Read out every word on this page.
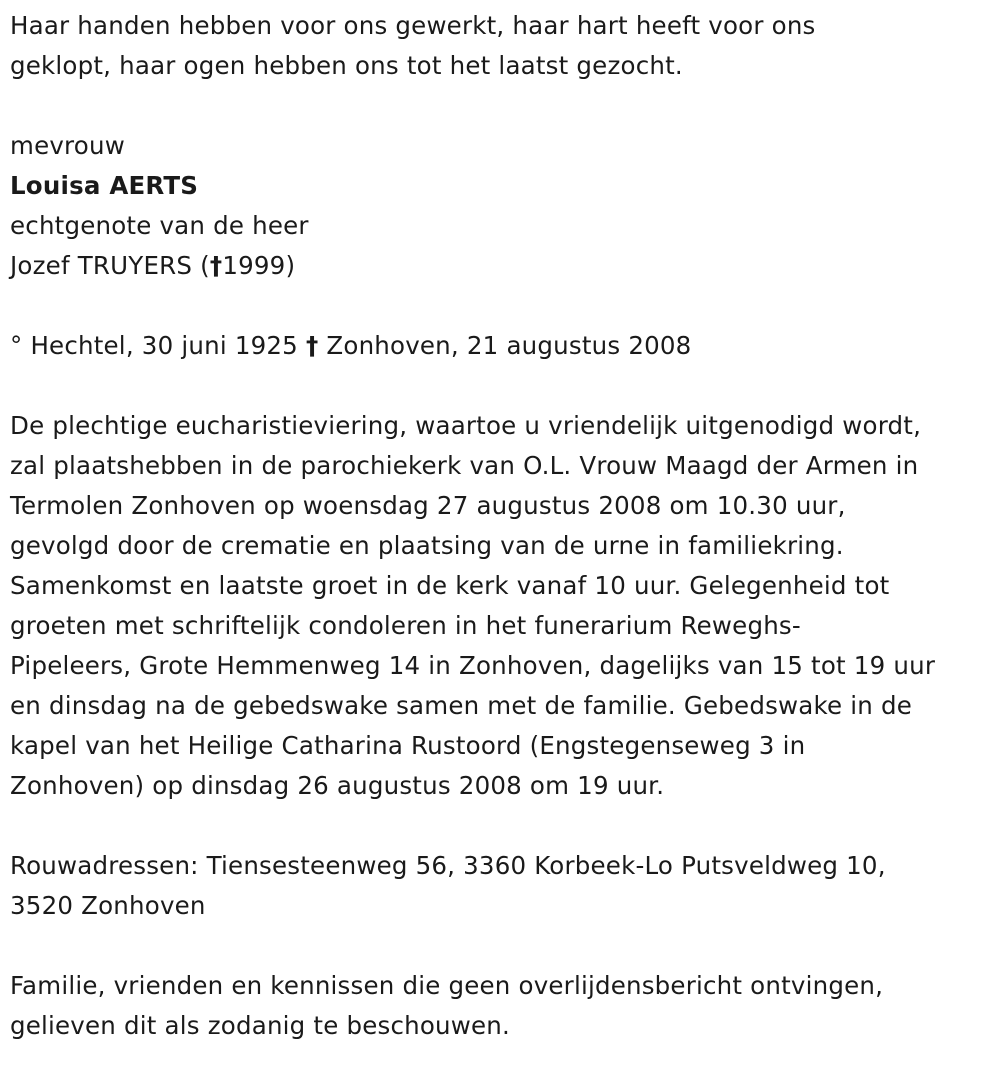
Haar handen hebben voor ons gewerkt, haar hart heeft voor ons
geklopt, haar ogen hebben ons tot het laatst gezocht.
mevrouw
Louisa AERTS
echtgenote van de heer
Jozef TRUYERS (†1999)
° Hechtel, 30 juni 1925 † Zonhoven, 21 augustus 2008
De plechtige eucharistieviering, waartoe u vriendelijk uitgenodigd wordt,
zal plaatshebben in de parochiekerk van O.L. Vrouw Maagd der Armen in
Termolen Zonhoven op woensdag 27 augustus 2008 om 10.30 uur,
gevolgd door de crematie en plaatsing van de urne in familiekring.
Samenkomst en laatste groet in de kerk vanaf 10 uur. Gelegenheid tot
groeten met schriftelijk condoleren in het funerarium Reweghs-
Pipeleers, Grote Hemmenweg 14 in Zonhoven, dagelijks van 15 tot 19 uur
en dinsdag na de gebedswake samen met de familie. Gebedswake in de
kapel van het Heilige Catharina Rustoord (Engstegenseweg 3 in
Zonhoven) op dinsdag 26 augustus 2008 om 19 uur.
Rouwadressen: Tiensesteenweg 56, 3360 Korbeek-Lo Putsveldweg 10,
3520 Zonhoven
Familie, vrienden en kennissen die geen overlijdensbericht ontvingen,
gelieven dit als zodanig te beschouwen.
